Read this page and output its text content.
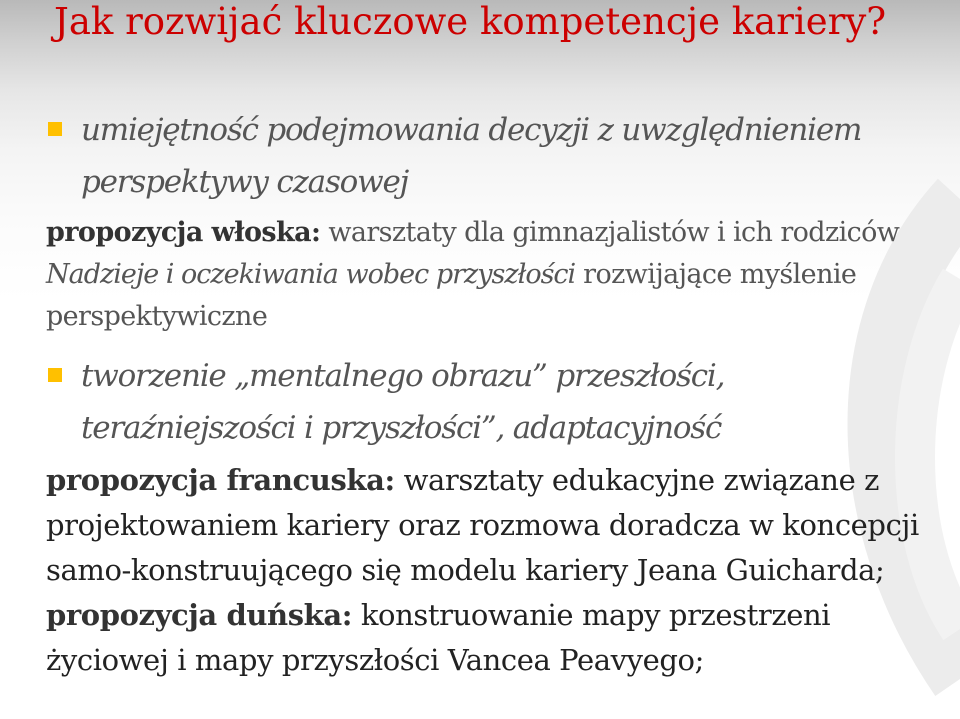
Jak rozwijać kluczowe kompetencje kariery?
umiejętność podejmowania decyzji z uwzględnieniem perspektywy czasowej
propozycja włoska: warsztaty dla gimnazjalistów i ich rodziców Nadzieje i oczekiwania wobec przyszłości rozwijające myślenie perspektywiczne
tworzenie „mentalnego obrazu” przeszłości, teraźniejszości i przyszłości”, adaptacyjność
propozycja francuska: warsztaty edukacyjne związane z projektowaniem kariery oraz rozmowa doradcza w koncepcji samo-konstruującego się modelu kariery Jeana Guicharda;
propozycja duńska: konstruowanie mapy przestrzeni życiowej i mapy przyszłości Vancea Peavyego;
